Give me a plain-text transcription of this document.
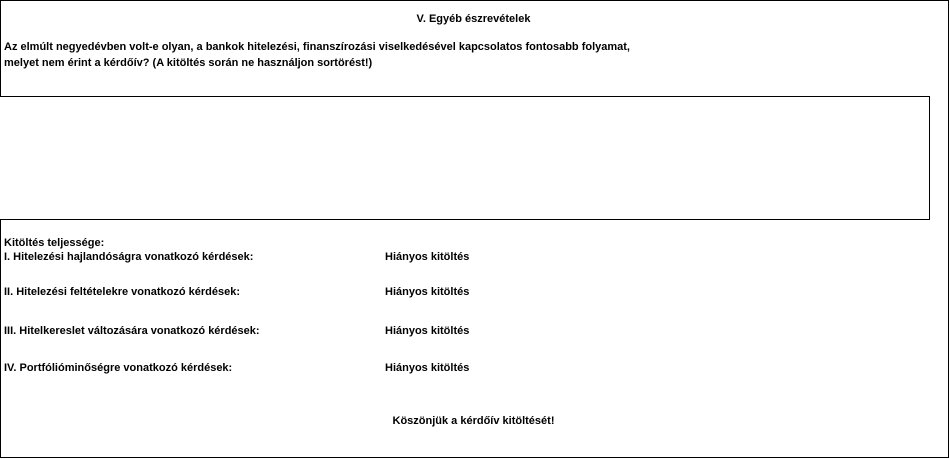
V. Egyéb észrevételek
Az elmúlt negyedévben volt-e olyan, a bankok hitelezési, finanszírozási viselkedésével kapcsolatos fontosabb folyamat,
melyet nem érint a kérdőív? (A kitöltés során ne használjon sortörést!)
Kitöltés teljessége:
I. Hitelezési hajlandóságra vonatkozó kérdések:	Hiányos kitöltés
II. Hitelezési feltételekre vonatkozó kérdések:	Hiányos kitöltés
III. Hitelkereslet változására vonatkozó kérdések:	Hiányos kitöltés
IV. Portfólióminőségre vonatkozó kérdések:	Hiányos kitöltés
Köszönjük a kérdőív kitöltését!
